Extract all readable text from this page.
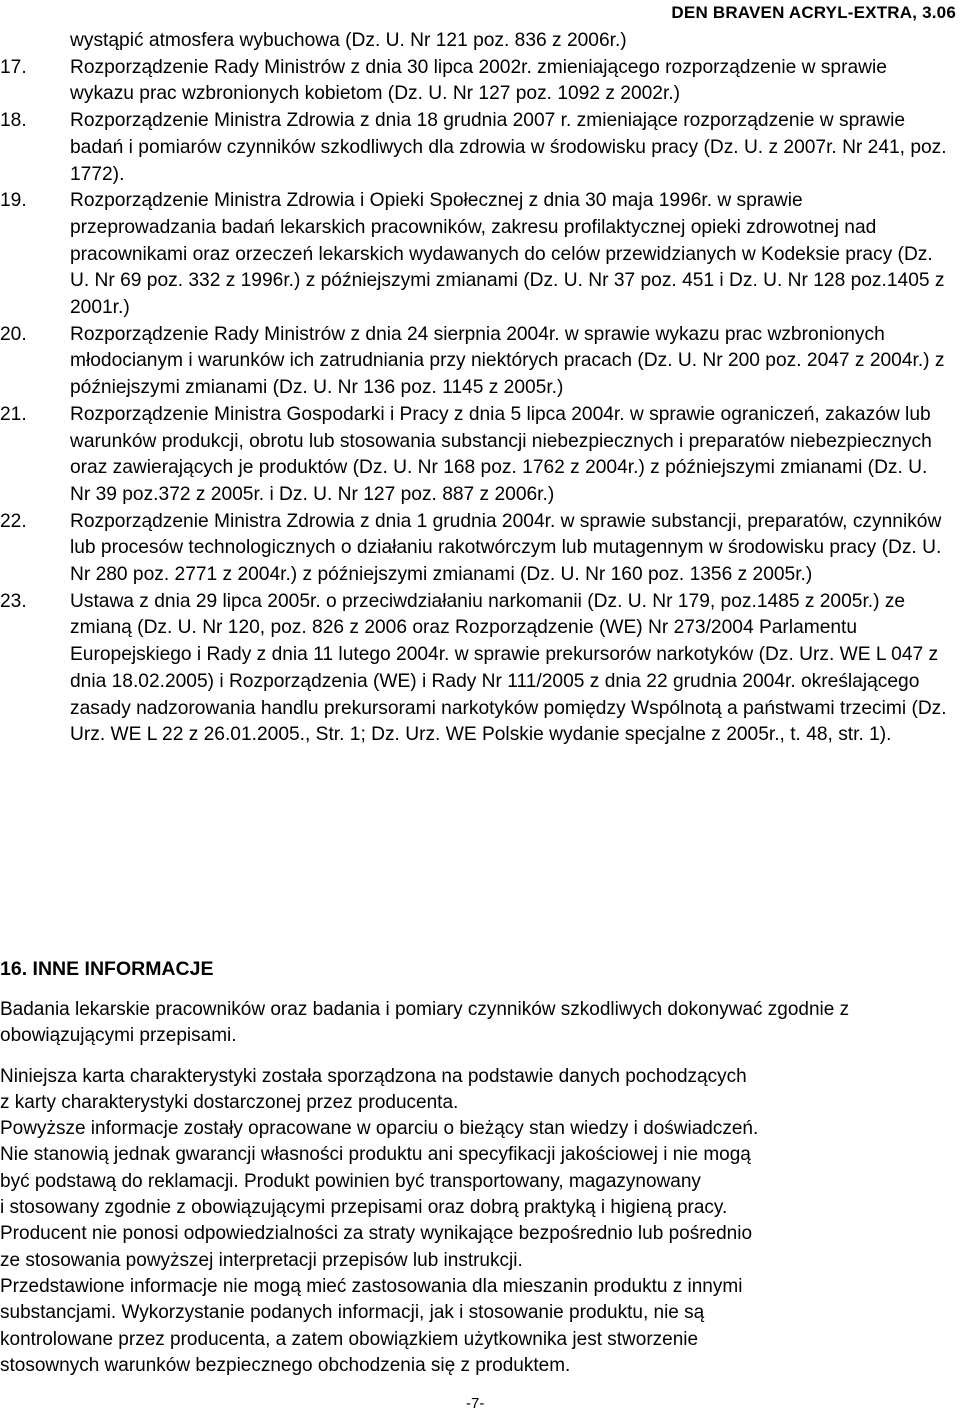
DEN BRAVEN ACRYL-EXTRA, 3.06
wystąpić atmosfera wybuchowa (Dz. U. Nr 121 poz. 836 z 2006r.)
17. Rozporządzenie Rady Ministrów z dnia 30 lipca 2002r. zmieniającego rozporządzenie w sprawie wykazu prac wzbronionych kobietom (Dz. U. Nr 127 poz. 1092 z 2002r.)
18. Rozporządzenie Ministra Zdrowia z dnia 18 grudnia 2007 r. zmieniające rozporządzenie w sprawie badań i pomiarów czynników szkodliwych dla zdrowia w środowisku pracy (Dz. U. z 2007r. Nr 241, poz. 1772).
19. Rozporządzenie Ministra Zdrowia i Opieki Społecznej z dnia 30 maja 1996r. w sprawie przeprowadzania badań lekarskich pracowników, zakresu profilaktycznej opieki zdrowotnej nad pracownikami oraz orzeczeń lekarskich wydawanych do celów przewidzianych w Kodeksie pracy (Dz. U. Nr 69 poz. 332 z 1996r.) z późniejszymi zmianami (Dz. U. Nr 37 poz. 451 i Dz. U. Nr 128 poz.1405 z 2001r.)
20. Rozporządzenie Rady Ministrów z dnia 24 sierpnia 2004r. w sprawie wykazu prac wzbronionych młodocianym i warunków ich zatrudniania przy niektórych pracach (Dz. U. Nr 200 poz. 2047 z 2004r.) z późniejszymi zmianami (Dz. U. Nr 136 poz. 1145 z 2005r.)
21. Rozporządzenie Ministra Gospodarki i Pracy z dnia 5 lipca 2004r. w sprawie ograniczeń, zakazów lub warunków produkcji, obrotu lub stosowania substancji niebezpiecznych i preparatów niebezpiecznych oraz zawierających je produktów (Dz. U. Nr 168 poz. 1762 z 2004r.) z późniejszymi zmianami (Dz. U. Nr 39 poz.372 z 2005r. i Dz. U. Nr 127 poz. 887 z 2006r.)
22. Rozporządzenie Ministra Zdrowia z dnia 1 grudnia 2004r. w sprawie substancji, preparatów, czynników lub procesów technologicznych o działaniu rakotwórczym lub mutagennym w środowisku pracy (Dz. U. Nr 280 poz. 2771 z 2004r.) z późniejszymi zmianami (Dz. U. Nr 160 poz. 1356 z 2005r.)
23. Ustawa z dnia 29 lipca 2005r. o przeciwdziałaniu narkomanii (Dz. U. Nr 179, poz.1485 z 2005r.) ze zmianą (Dz. U. Nr 120, poz. 826 z 2006 oraz Rozporządzenie (WE) Nr 273/2004 Parlamentu Europejskiego i Rady z dnia 11 lutego 2004r. w sprawie prekursorów narkotyków (Dz. Urz. WE L 047 z dnia 18.02.2005) i Rozporządzenia (WE) i Rady Nr 111/2005 z dnia 22 grudnia 2004r. określającego zasady nadzorowania handlu prekursorami narkotyków pomiędzy Wspólnotą a państwami trzecimi (Dz. Urz. WE L 22 z 26.01.2005., Str. 1; Dz. Urz. WE Polskie wydanie specjalne z 2005r., t. 48, str. 1).
16. INNE INFORMACJE

Badania lekarskie pracowników oraz badania i pomiary czynników szkodliwych dokonywać zgodnie z obowiązującymi przepisami.

Niniejsza karta charakterystyki została sporządzona na podstawie danych pochodzących

z karty charakterystyki dostarczonej przez producenta.

Powyższe informacje zostały opracowane w oparciu o bieżący stan wiedzy i doświadczeń.

Nie stanowią jednak gwarancji własności produktu ani specyfikacji jakościowej i nie mogą

być podstawą do reklamacji. Produkt powinien być transportowany, magazynowany

i stosowany zgodnie z obowiązującymi przepisami oraz dobrą praktyką i higieną pracy.

Producent nie ponosi odpowiedzialności za straty wynikające bezpośrednio lub pośrednio

ze stosowania powyższej interpretacji przepisów lub instrukcji.

Przedstawione informacje nie mogą mieć zastosowania dla mieszanin produktu z innymi

substancjami. Wykorzystanie podanych informacji, jak i stosowanie produktu, nie są

kontrolowane przez producenta, a zatem obowiązkiem użytkownika jest stworzenie

stosownych warunków bezpiecznego obchodzenia się z produktem.

-7-
